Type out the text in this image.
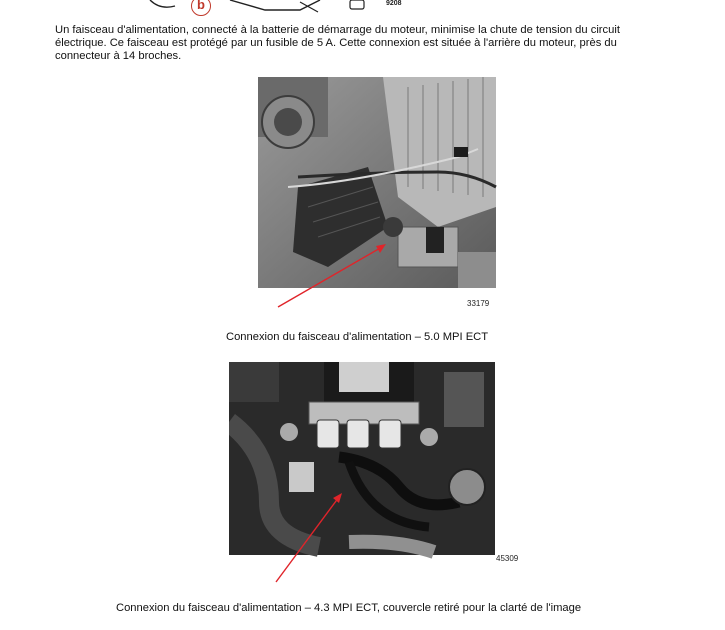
b	9208

Un faisceau d'alimentation, connecté à la batterie de démarrage du moteur, minimise la chute de tension du circuit électrique. Ce faisceau est protégé par un fusible de 5 A. Cette connexion est située à l'arrière du moteur, près du connecteur à 14 broches.

33179
Connexion du faisceau d'alimentation – 5.0 MPI ECT
45309
Connexion du faisceau d'alimentation – 4.3 MPI ECT, couvercle retiré pour la clarté de l'image
